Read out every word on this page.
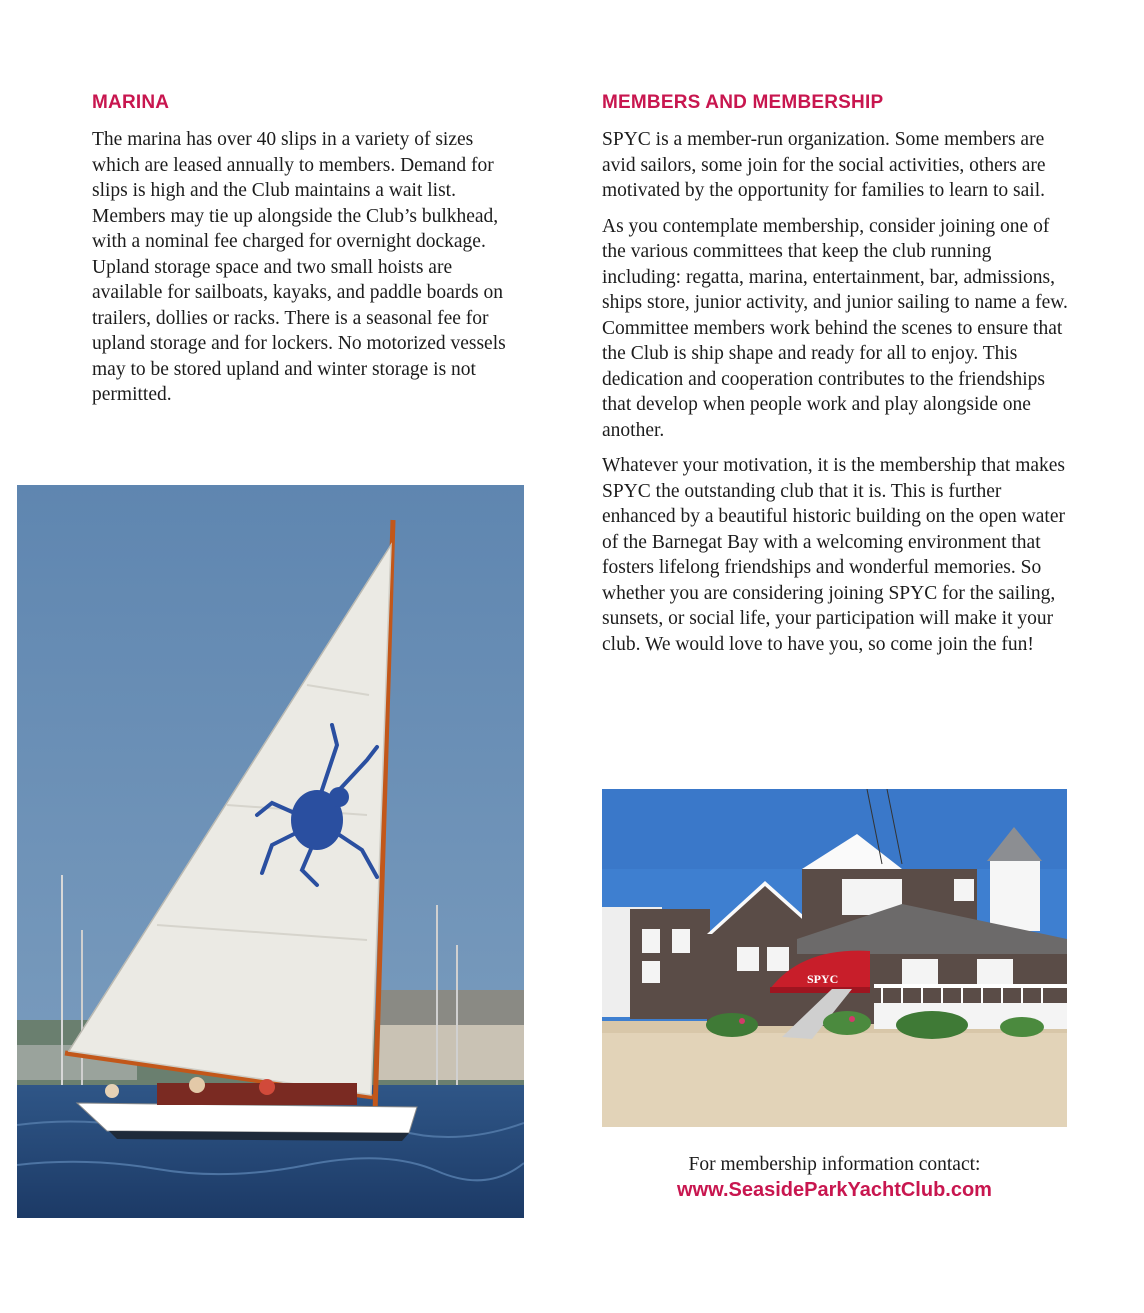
MARINA

The marina has over 40 slips in a variety of sizes which are leased annually to members. Demand for slips is high and the Club maintains a wait list. Members may tie up alongside the Club’s bulkhead, with a nominal fee charged for overnight dockage. Upland storage space and two small hoists are available for sailboats, kayaks, and paddle boards on trailers, dollies or racks. There is a seasonal fee for upland storage and for lockers. No motorized vessels may to be stored upland and winter storage is not permitted.

MEMBERS AND MEMBERSHIP

SPYC is a member-run organization. Some members are avid sailors, some join for the social activities, others are motivated by the opportunity for families to learn to sail.

As you contemplate membership, consider joining one of the various committees that keep the club running including: regatta, marina, entertainment, bar, admissions, ships store, junior activity, and junior sailing to name a few. Committee members work behind the scenes to ensure that the Club is ship shape and ready for all to enjoy. This dedication and cooperation contributes to the friendships that develop when people work and play alongside one another.

Whatever your motivation, it is the membership that makes SPYC the outstanding club that it is. This is further enhanced by a beautiful historic building on the open water of the Barnegat Bay with a welcoming environment that fosters lifelong friendships and wonderful memories. So whether you are considering joining SPYC for the sailing, sunsets, or social life, your participation will make it your club. We would love to have you, so come join the fun!

SPYC
For membership information contact:
www.SeasideParkYachtClub.com
